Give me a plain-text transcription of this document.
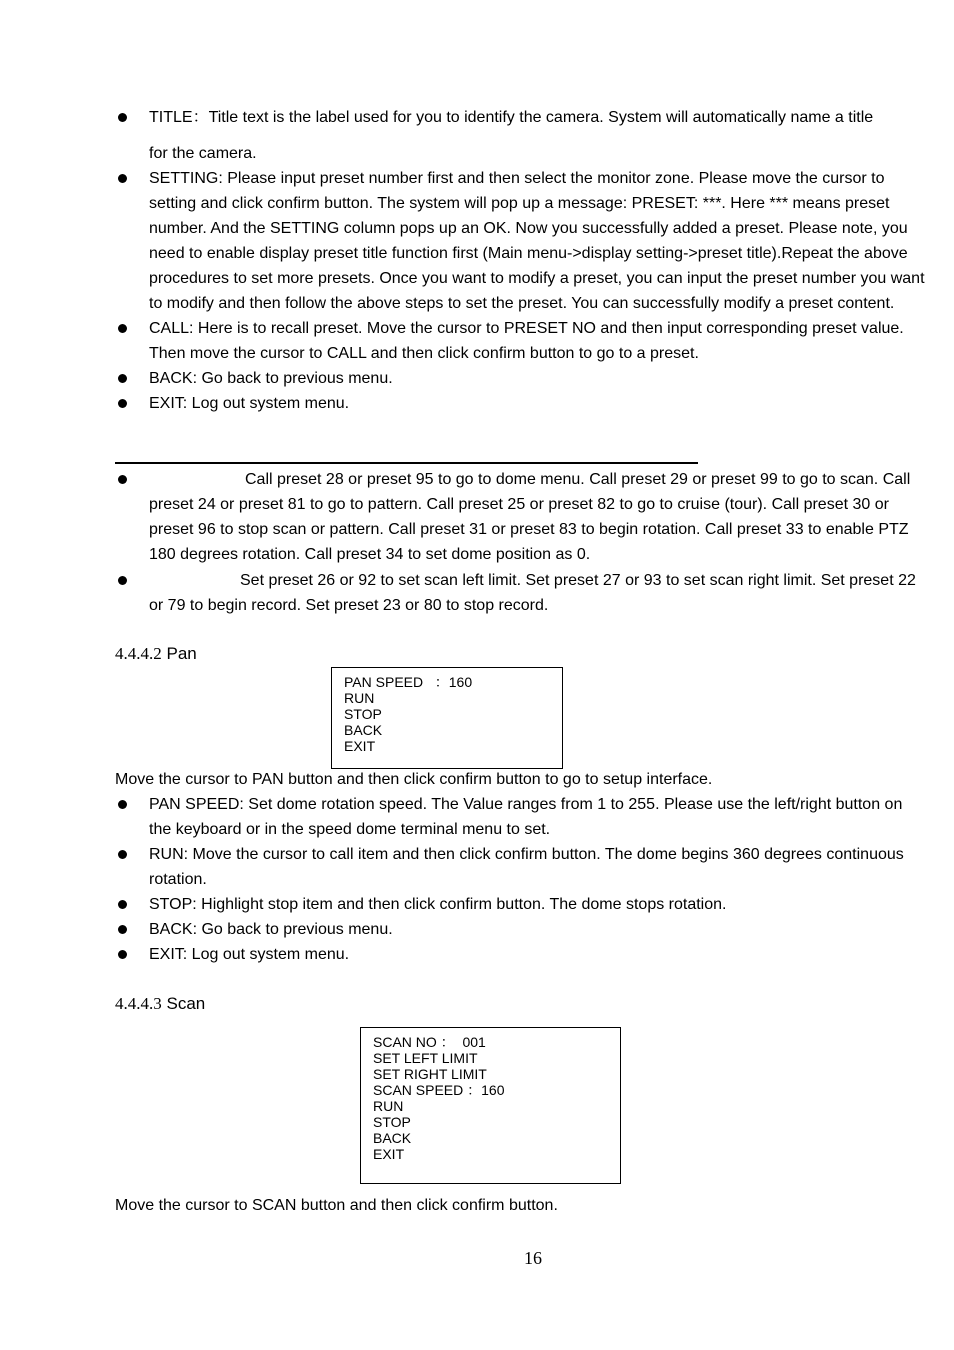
TITLE：Title text is the label used for you to identify the camera. System will automatically name a title
for the camera.
SETTING: Please input preset number first and then select the monitor zone. Please move the cursor to setting and click confirm button. The system will pop up a message: PRESET: ***. Here *** means preset number. And the SETTING column pops up an OK. Now you successfully added a preset. Please note, you need to enable display preset title function first (Main menu->display setting->preset title).Repeat the above procedures to set more presets. Once you want to modify a preset, you can input the preset number you want to modify and then follow the above steps to set the preset. You can successfully modify a preset content.
CALL: Here is to recall preset. Move the cursor to PRESET NO and then input corresponding preset value. Then move the cursor to CALL and then click confirm button to go to a preset.
BACK: Go back to previous menu.
EXIT: Log out system menu.
Call preset 28 or preset 95 to go to dome menu. Call preset 29 or preset 99 to go to scan. Call preset 24 or preset 81 to go to pattern. Call preset 25 or preset 82 to go to cruise (tour). Call preset 30 or preset 96 to stop scan or pattern. Call preset 31 or preset 83 to begin rotation. Call preset 33 to enable PTZ 180 degrees rotation. Call preset 34 to set dome position as 0.
Set preset 26 or 92 to set scan left limit. Set preset 27 or 93 to set scan right limit. Set preset 22 or 79 to begin record. Set preset 23 or 80 to stop record.
4.4.4.2 Pan
PAN SPEED   ：160
RUN
STOP
BACK
EXIT
Move the cursor to PAN button and then click confirm button to go to setup interface.
PAN SPEED: Set dome rotation speed. The Value ranges from 1 to 255. Please use the left/right button on the keyboard or in the speed dome terminal menu to set.
RUN: Move the cursor to call item and then click confirm button. The dome begins 360 degrees continuous rotation.
STOP: Highlight stop item and then click confirm button. The dome stops rotation.
BACK: Go back to previous menu.
EXIT: Log out system menu.
4.4.4.3 Scan
SCAN NO ：  001
SET LEFT LIMIT
SET RIGHT LIMIT
SCAN SPEED ：160
RUN
STOP
BACK
EXIT
Move the cursor to SCAN button and then click confirm button.
16
